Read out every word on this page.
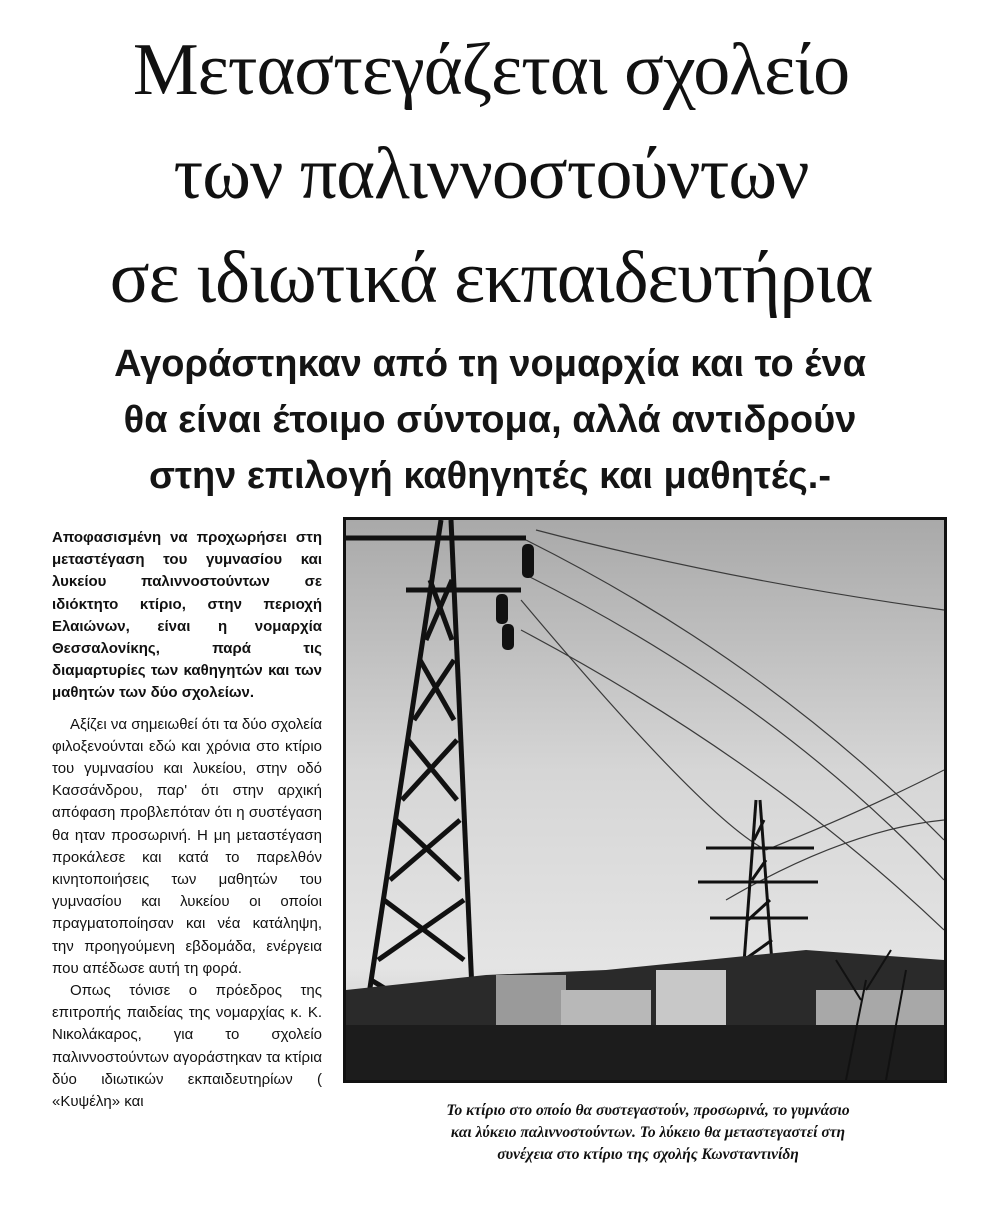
Μεταστεγάζεται σχολείο
των παλιννοστούντων
σε ιδιωτικά εκπαιδευτήρια
Αγοράστηκαν από τη νομαρχία και το ένα
θα είναι έτοιμο σύντομα, αλλά αντιδρούν
στην επιλογή καθηγητές και μαθητές.-

Αποφασισμένη να προχωρήσει στη μεταστέγαση του γυμνασίου και λυκείου παλιννοστούντων σε ιδιόκτητο κτίριο, στην περιοχή Ελαιώνων, είναι η νομαρχία Θεσσαλονίκης, παρά τις διαμαρτυρίες των καθηγητών και των μαθητών των δύο σχολείων.

Αξίζει να σημειωθεί ότι τα δύο σχολεία φιλοξενούνται εδώ και χρόνια στο κτίριο του γυμνασίου και λυκείου, στην οδό Κασσάνδρου, παρ' ότι στην αρχική απόφαση προβλεπόταν ότι η συστέγαση θα ηταν προσωρινή. Η μη μεταστέγαση προκάλεσε και κατά το παρελθόν κινητοποιήσεις των μαθητών του γυμνασίου και λυκείου οι οποίοι πραγματοποίησαν και νέα κατάληψη, την προηγούμενη εβδομάδα, ενέργεια που απέδωσε αυτή τη φορά.

Οπως τόνισε ο πρόεδρος της επιτροπής παιδείας της νομαρχίας κ. Κ. Νικολάκαρος, για το σχολείο παλιννοστούντων αγοράστηκαν τα κτίρια δύο ιδιωτικών εκπαιδευτηρίων ( «Κυψέλη» και

Το κτίριο στο οποίο θα συστεγαστούν, προσωρινά, το γυμνάσιο
και λύκειο παλιννοστούντων. Το λύκειο θα μεταστεγαστεί στη
συνέχεια στο κτίριο της σχολής Κωνσταντινίδη
